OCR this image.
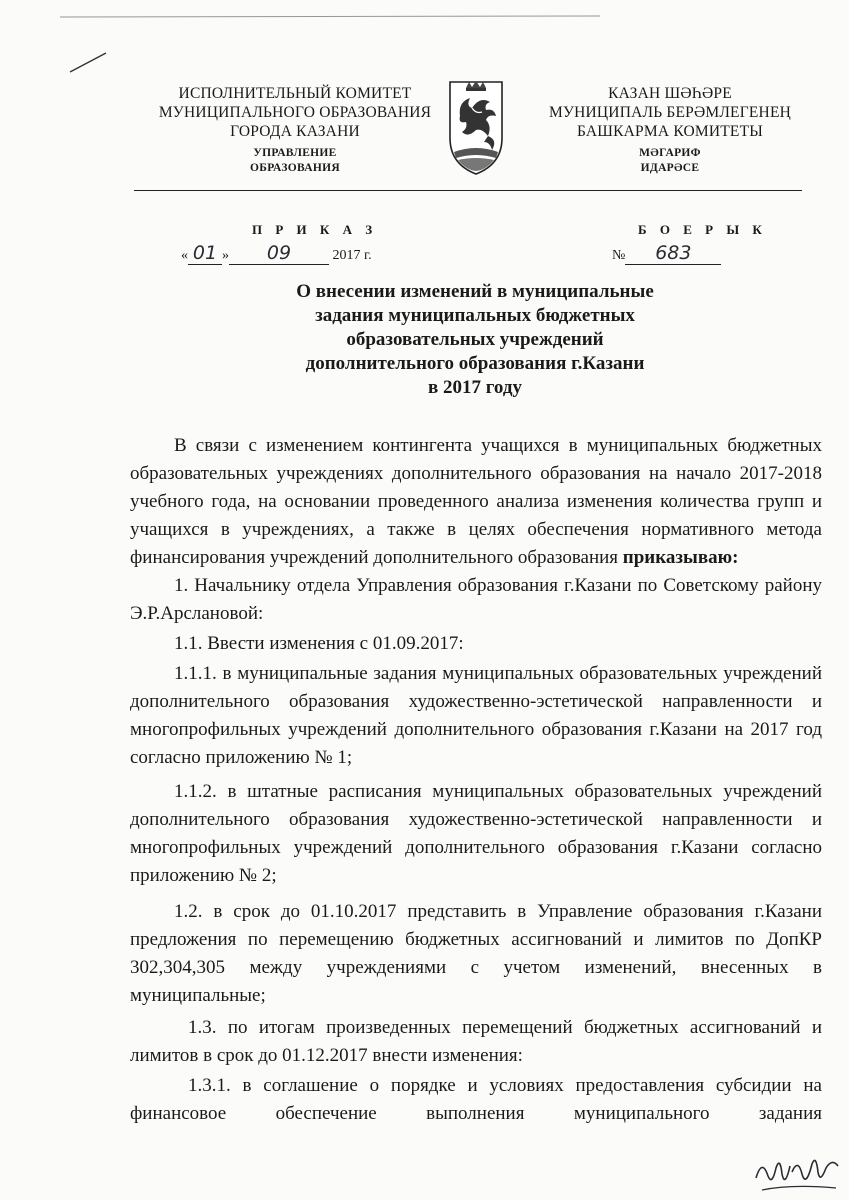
ИСПОЛНИТЕЛЬНЫЙ КОМИТЕТ
МУНИЦИПАЛЬНОГО ОБРАЗОВАНИЯ
ГОРОДА КАЗАНИ
УПРАВЛЕНИЕ
ОБРАЗОВАНИЯ
КАЗАН ШӘҺӘРЕ
МУНИЦИПАЛЬ БЕРӘМЛЕГЕНЕҢ
БАШКАРМА КОМИТЕТЫ
МӘГАРИФ
ИДАРӘСЕ
П Р И К А З	Б О Е Р Ы К
« 01 » 09	2017 г.	№ 683
О внесении изменений в муниципальные
задания муниципальных бюджетных
образовательных учреждений
дополнительного образования г.Казани
в 2017 году
В связи с изменением контингента учащихся в муниципальных бюджетных образовательных учреждениях дополнительного образования на начало 2017-2018 учебного года, на основании проведенного анализа изменения количества групп и учащихся в учреждениях, а также в целях обеспечения нормативного метода финансирования учреждений дополнительного образования приказываю:
1. Начальнику отдела Управления образования г.Казани по Советскому району Э.Р.Арслановой:
1.1. Ввести изменения с 01.09.2017:
1.1.1. в муниципальные задания муниципальных образовательных учреждений дополнительного образования художественно-эстетической направленности и многопрофильных учреждений дополнительного образования г.Казани на 2017 год согласно приложению № 1;
1.1.2. в штатные расписания муниципальных образовательных учреждений дополнительного образования художественно-эстетической направленности и многопрофильных учреждений дополнительного образования г.Казани согласно приложению № 2;
1.2. в срок до 01.10.2017 представить в Управление образования г.Казани предложения по перемещению бюджетных ассигнований и лимитов по ДопКР 302,304,305 между учреждениями с учетом изменений, внесенных в муниципальные;
1.3. по итогам произведенных перемещений бюджетных ассигнований и лимитов в срок до 01.12.2017 внести изменения:
1.3.1. в соглашение о порядке и условиях предоставления субсидии на финансовое обеспечение выполнения муниципального задания
